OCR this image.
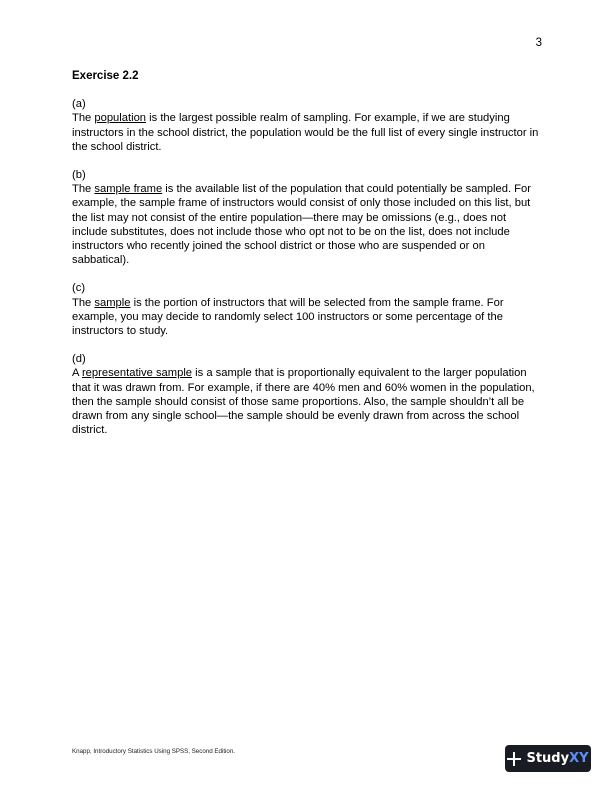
3

Exercise 2.2

(a)

The population is the largest possible realm of sampling. For example, if we are studying instructors in the school district, the population would be the full list of every single instructor in the school district.

(b)

The sample frame is the available list of the population that could potentially be sampled. For example, the sample frame of instructors would consist of only those included on this list, but the list may not consist of the entire population—there may be omissions (e.g., does not include substitutes, does not include those who opt not to be on the list, does not include instructors who recently joined the school district or those who are suspended or on sabbatical).

(c)

The sample is the portion of instructors that will be selected from the sample frame. For example, you may decide to randomly select 100 instructors or some percentage of the instructors to study.

(d)

A representative sample is a sample that is proportionally equivalent to the larger population that it was drawn from. For example, if there are 40% men and 60% women in the population, then the sample should consist of those same proportions. Also, the sample shouldn’t all be drawn from any single school—the sample should be evenly drawn from across the school district.

Knapp, Introductory Statistics Using SPSS, Second Edition.	Study XY
